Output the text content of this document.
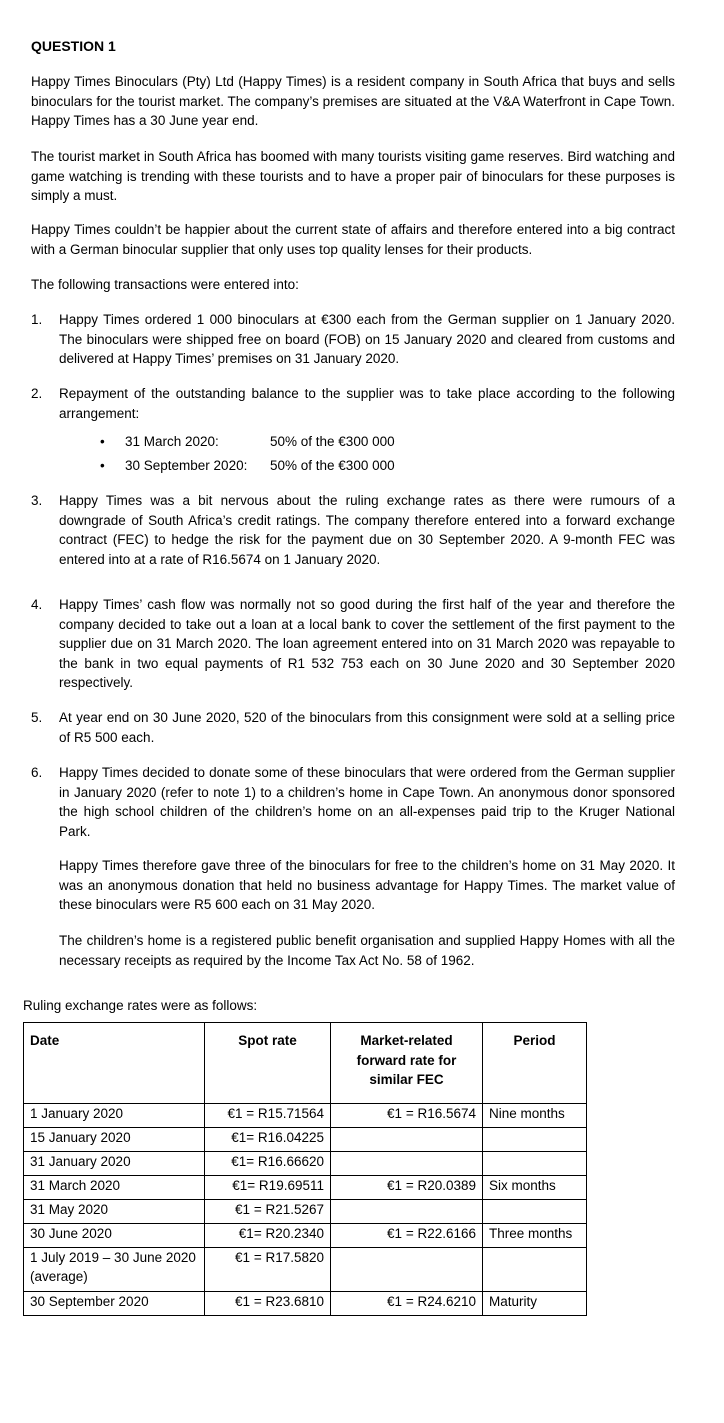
QUESTION 1

Happy Times Binoculars (Pty) Ltd (Happy Times) is a resident company in South Africa that buys and sells binoculars for the tourist market. The company’s premises are situated at the V&A Waterfront in Cape Town. Happy Times has a 30 June year end.

The tourist market in South Africa has boomed with many tourists visiting game reserves. Bird watching and game watching is trending with these tourists and to have a proper pair of binoculars for these purposes is simply a must.

Happy Times couldn’t be happier about the current state of affairs and therefore entered into a big contract with a German binocular supplier that only uses top quality lenses for their products.

The following transactions were entered into:

1. Happy Times ordered 1 000 binoculars at €300 each from the German supplier on 1 January 2020. The binoculars were shipped free on board (FOB) on 15 January 2020 and cleared from customs and delivered at Happy Times’ premises on 31 January 2020.
2. Repayment of the outstanding balance to the supplier was to take place according to the following arrangement:
• 31 March 2020:	50% of the €300 000
• 30 September 2020: 50% of the €300 000
3. Happy Times was a bit nervous about the ruling exchange rates as there were rumours of a downgrade of South Africa’s credit ratings. The company therefore entered into a forward exchange contract (FEC) to hedge the risk for the payment due on 30 September 2020. A 9-month FEC was entered into at a rate of R16.5674 on 1 January 2020.
4. Happy Times’ cash flow was normally not so good during the first half of the year and therefore the company decided to take out a loan at a local bank to cover the settlement of the first payment to the supplier due on 31 March 2020. The loan agreement entered into on 31 March 2020 was repayable to the bank in two equal payments of R1 532 753 each on 30 June 2020 and 30 September 2020 respectively.
5. At year end on 30 June 2020, 520 of the binoculars from this consignment were sold at a selling price of R5 500 each.
6. Happy Times decided to donate some of these binoculars that were ordered from the German supplier in January 2020 (refer to note 1) to a children’s home in Cape Town. An anonymous donor sponsored the high school children of the children’s home on an all-expenses paid trip to the Kruger National Park.

Happy Times therefore gave three of the binoculars for free to the children’s home on 31 May 2020. It was an anonymous donation that held no business advantage for Happy Times. The market value of these binoculars were R5 600 each on 31 May 2020.

The children’s home is a registered public benefit organisation and supplied Happy Homes with all the necessary receipts as required by the Income Tax Act No. 58 of 1962.

Ruling exchange rates were as follows:
Date	Spot rate	Market-related forward rate for similar FEC	Period
1 January 2020	€1 = R15.71564	€1 = R16.5674	Nine months
15 January 2020	€1= R16.04225		
31 January 2020	€1= R16.66620		
31 March 2020	€1= R19.69511	€1 = R20.0389	Six months
31 May 2020	€1 = R21.5267		
30 June 2020	€1= R20.2340	€1 = R22.6166	Three months
1 July 2019 – 30 June 2020 (average)	€1 = R17.5820		
30 September 2020	€1 = R23.6810	€1 = R24.6210	Maturity
